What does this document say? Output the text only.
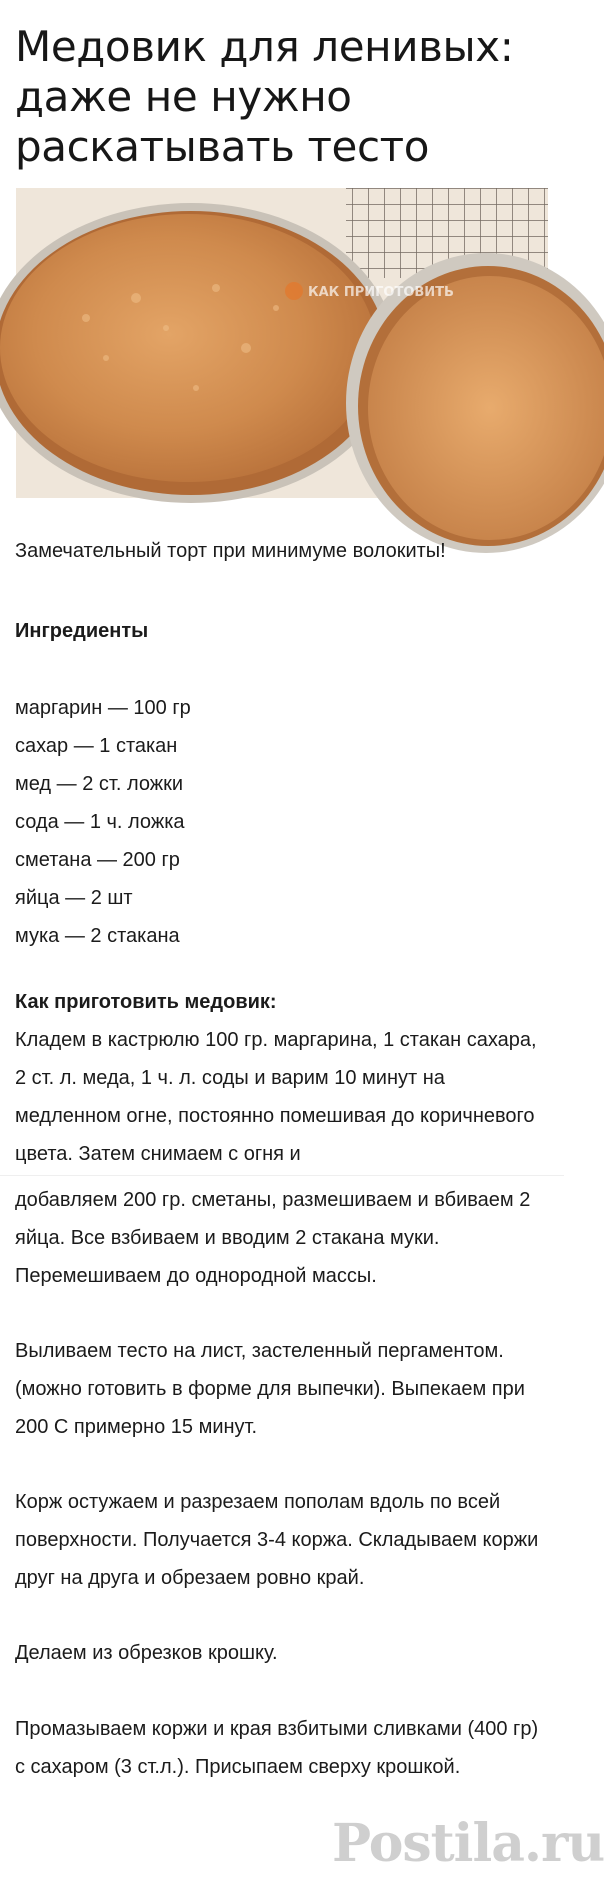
Медовик для ленивых: даже не нужно раскатывать тесто
КАК ПРИГОТОВИТЬ

Замечательный торт при минимуме волокиты!

Ингредиенты

маргарин — 100 гр
сахар — 1 стакан
мед — 2 ст. ложки
сода — 1 ч. ложка
сметана — 200 гр
яйца — 2 шт
мука — 2 стакана

Как приготовить медовик:

Кладем в кастрюлю 100 гр. маргарина, 1 стакан сахара, 2 ст. л. меда, 1 ч. л. соды и варим 10 минут на медленном огне, постоянно помешивая до коричневого цвета. Затем снимаем с огня и

добавляем 200 гр. сметаны, размешиваем и вбиваем 2 яйца. Все взбиваем и вводим 2 стакана муки. Перемешиваем до однородной массы.

Выливаем тесто на лист, застеленный пергаментом. (можно готовить в форме для выпечки). Выпекаем при 200 С примерно 15 минут.

Корж остужаем и разрезаем пополам вдоль по всей поверхности. Получается 3-4 коржа. Складываем коржи друг на друга и обрезаем ровно край.

Делаем из обрезков крошку.

Промазываем коржи и края взбитыми сливками (400 гр) с сахаром (3 ст.л.). Присыпаем сверху крошкой.

Postila.ru
